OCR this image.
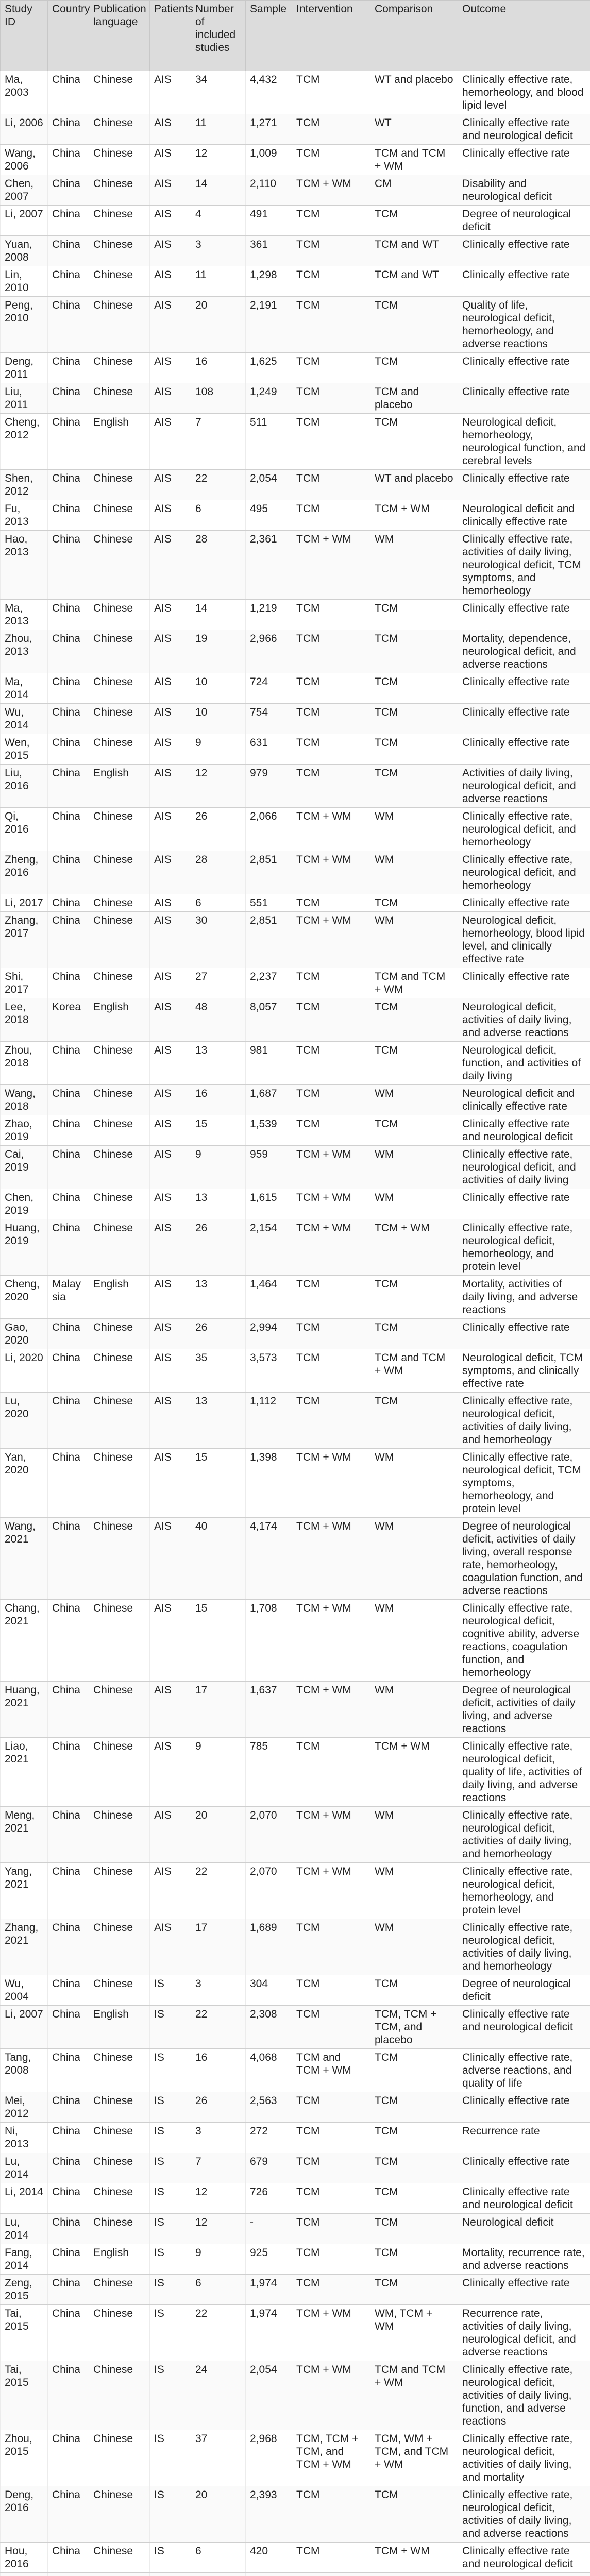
Study ID	Country	Publication language	Patients	Number of included studies	Sample	Intervention	Comparison	Outcome
Ma, 2003	China	Chinese	AIS	34	4,432	TCM	WT and placebo	Clinically effective rate, hemorheology, and blood lipid level
Li, 2006	China	Chinese	AIS	11	1,271	TCM	WT	Clinically effective rate and neurological deficit
Wang, 2006	China	Chinese	AIS	12	1,009	TCM	TCM and TCM + WM	Clinically effective rate
Chen, 2007	China	Chinese	AIS	14	2,110	TCM + WM	CM	Disability and neurological deficit
Li, 2007	China	Chinese	AIS	4	491	TCM	TCM	Degree of neurological deficit
Yuan, 2008	China	Chinese	AIS	3	361	TCM	TCM and WT	Clinically effective rate
Lin, 2010	China	Chinese	AIS	11	1,298	TCM	TCM and WT	Clinically effective rate
Peng, 2010	China	Chinese	AIS	20	2,191	TCM	TCM	Quality of life, neurological deficit, hemorheology, and adverse reactions
Deng, 2011	China	Chinese	AIS	16	1,625	TCM	TCM	Clinically effective rate
Liu, 2011	China	Chinese	AIS	108	1,249	TCM	TCM and placebo	Clinically effective rate
Cheng, 2012	China	English	AIS	7	511	TCM	TCM	Neurological deficit, hemorheology, neurological function, and cerebral levels
Shen, 2012	China	Chinese	AIS	22	2,054	TCM	WT and placebo	Clinically effective rate
Fu, 2013	China	Chinese	AIS	6	495	TCM	TCM + WM	Neurological deficit and clinically effective rate
Hao, 2013	China	Chinese	AIS	28	2,361	TCM + WM	WM	Clinically effective rate, activities of daily living, neurological deficit, TCM symptoms, and hemorheology
Ma, 2013	China	Chinese	AIS	14	1,219	TCM	TCM	Clinically effective rate
Zhou, 2013	China	Chinese	AIS	19	2,966	TCM	TCM	Mortality, dependence, neurological deficit, and adverse reactions
Ma, 2014	China	Chinese	AIS	10	724	TCM	TCM	Clinically effective rate
Wu, 2014	China	Chinese	AIS	10	754	TCM	TCM	Clinically effective rate
Wen, 2015	China	Chinese	AIS	9	631	TCM	TCM	Clinically effective rate
Liu, 2016	China	English	AIS	12	979	TCM	TCM	Activities of daily living, neurological deficit, and adverse reactions
Qi, 2016	China	Chinese	AIS	26	2,066	TCM + WM	WM	Clinically effective rate, neurological deficit, and hemorheology
Zheng, 2016	China	Chinese	AIS	28	2,851	TCM + WM	WM	Clinically effective rate, neurological deficit, and hemorheology
Li, 2017	China	Chinese	AIS	6	551	TCM	TCM	Clinically effective rate
Zhang, 2017	China	Chinese	AIS	30	2,851	TCM + WM	WM	Neurological deficit, hemorheology, blood lipid level, and clinically effective rate
Shi, 2017	China	Chinese	AIS	27	2,237	TCM	TCM and TCM + WM	Clinically effective rate
Lee, 2018	Korea	English	AIS	48	8,057	TCM	TCM	Neurological deficit, activities of daily living, and adverse reactions
Zhou, 2018	China	Chinese	AIS	13	981	TCM	TCM	Neurological deficit, function, and activities of daily living
Wang, 2018	China	Chinese	AIS	16	1,687	TCM	WM	Neurological deficit and clinically effective rate
Zhao, 2019	China	Chinese	AIS	15	1,539	TCM	TCM	Clinically effective rate and neurological deficit
Cai, 2019	China	Chinese	AIS	9	959	TCM + WM	WM	Clinically effective rate, neurological deficit, and activities of daily living
Chen, 2019	China	Chinese	AIS	13	1,615	TCM + WM	WM	Clinically effective rate
Huang, 2019	China	Chinese	AIS	26	2,154	TCM + WM	TCM + WM	Clinically effective rate, neurological deficit, hemorheology, and protein level
Cheng, 2020	Malaysia	English	AIS	13	1,464	TCM	TCM	Mortality, activities of daily living, and adverse reactions
Gao, 2020	China	Chinese	AIS	26	2,994	TCM	TCM	Clinically effective rate
Li, 2020	China	Chinese	AIS	35	3,573	TCM	TCM and TCM + WM	Neurological deficit, TCM symptoms, and clinically effective rate
Lu, 2020	China	Chinese	AIS	13	1,112	TCM	TCM	Clinically effective rate, neurological deficit, activities of daily living, and hemorheology
Yan, 2020	China	Chinese	AIS	15	1,398	TCM + WM	WM	Clinically effective rate, neurological deficit, TCM symptoms, hemorheology, and protein level
Wang, 2021	China	Chinese	AIS	40	4,174	TCM + WM	WM	Degree of neurological deficit, activities of daily living, overall response rate, hemorheology, coagulation function, and adverse reactions
Chang, 2021	China	Chinese	AIS	15	1,708	TCM + WM	WM	Clinically effective rate, neurological deficit, cognitive ability, adverse reactions, coagulation function, and hemorheology
Huang, 2021	China	Chinese	AIS	17	1,637	TCM + WM	WM	Degree of neurological deficit, activities of daily living, and adverse reactions
Liao, 2021	China	Chinese	AIS	9	785	TCM	TCM + WM	Clinically effective rate, neurological deficit, quality of life, activities of daily living, and adverse reactions
Meng, 2021	China	Chinese	AIS	20	2,070	TCM + WM	WM	Clinically effective rate, neurological deficit, activities of daily living, and hemorheology
Yang, 2021	China	Chinese	AIS	22	2,070	TCM + WM	WM	Clinically effective rate, neurological deficit, hemorheology, and protein level
Zhang, 2021	China	Chinese	AIS	17	1,689	TCM	WM	Clinically effective rate, neurological deficit, activities of daily living, and hemorheology
Wu, 2004	China	Chinese	IS	3	304	TCM	TCM	Degree of neurological deficit
Li, 2007	China	English	IS	22	2,308	TCM	TCM, TCM + TCM, and placebo	Clinically effective rate and neurological deficit
Tang, 2008	China	Chinese	IS	16	4,068	TCM and TCM + WM	TCM	Clinically effective rate, adverse reactions, and quality of life
Mei, 2012	China	Chinese	IS	26	2,563	TCM	TCM	Clinically effective rate
Ni, 2013	China	Chinese	IS	3	272	TCM	TCM	Recurrence rate
Lu, 2014	China	Chinese	IS	7	679	TCM	TCM	Clinically effective rate
Li, 2014	China	Chinese	IS	12	726	TCM	TCM	Clinically effective rate and neurological deficit
Lu, 2014	China	Chinese	IS	12	-	TCM	TCM	Neurological deficit
Fang, 2014	China	English	IS	9	925	TCM	TCM	Mortality, recurrence rate, and adverse reactions
Zeng, 2015	China	Chinese	IS	6	1,974	TCM	TCM	Clinically effective rate
Tai, 2015	China	Chinese	IS	22	1,974	TCM + WM	WM, TCM + WM	Recurrence rate, activities of daily living, neurological deficit, and adverse reactions
Tai, 2015	China	Chinese	IS	24	2,054	TCM + WM	TCM and TCM + WM	Clinically effective rate, neurological deficit, activities of daily living, function, and adverse reactions
Zhou, 2015	China	Chinese	IS	37	2,968	TCM, TCM + TCM, and TCM + WM	TCM, WM + TCM, and TCM + WM	Clinically effective rate, neurological deficit, activities of daily living, and mortality
Deng, 2016	China	Chinese	IS	20	2,393	TCM	TCM	Clinically effective rate, neurological deficit, activities of daily living, and adverse reactions
Hou, 2016	China	Chinese	IS	6	420	TCM	TCM + WM	Clinically effective rate and neurological deficit
